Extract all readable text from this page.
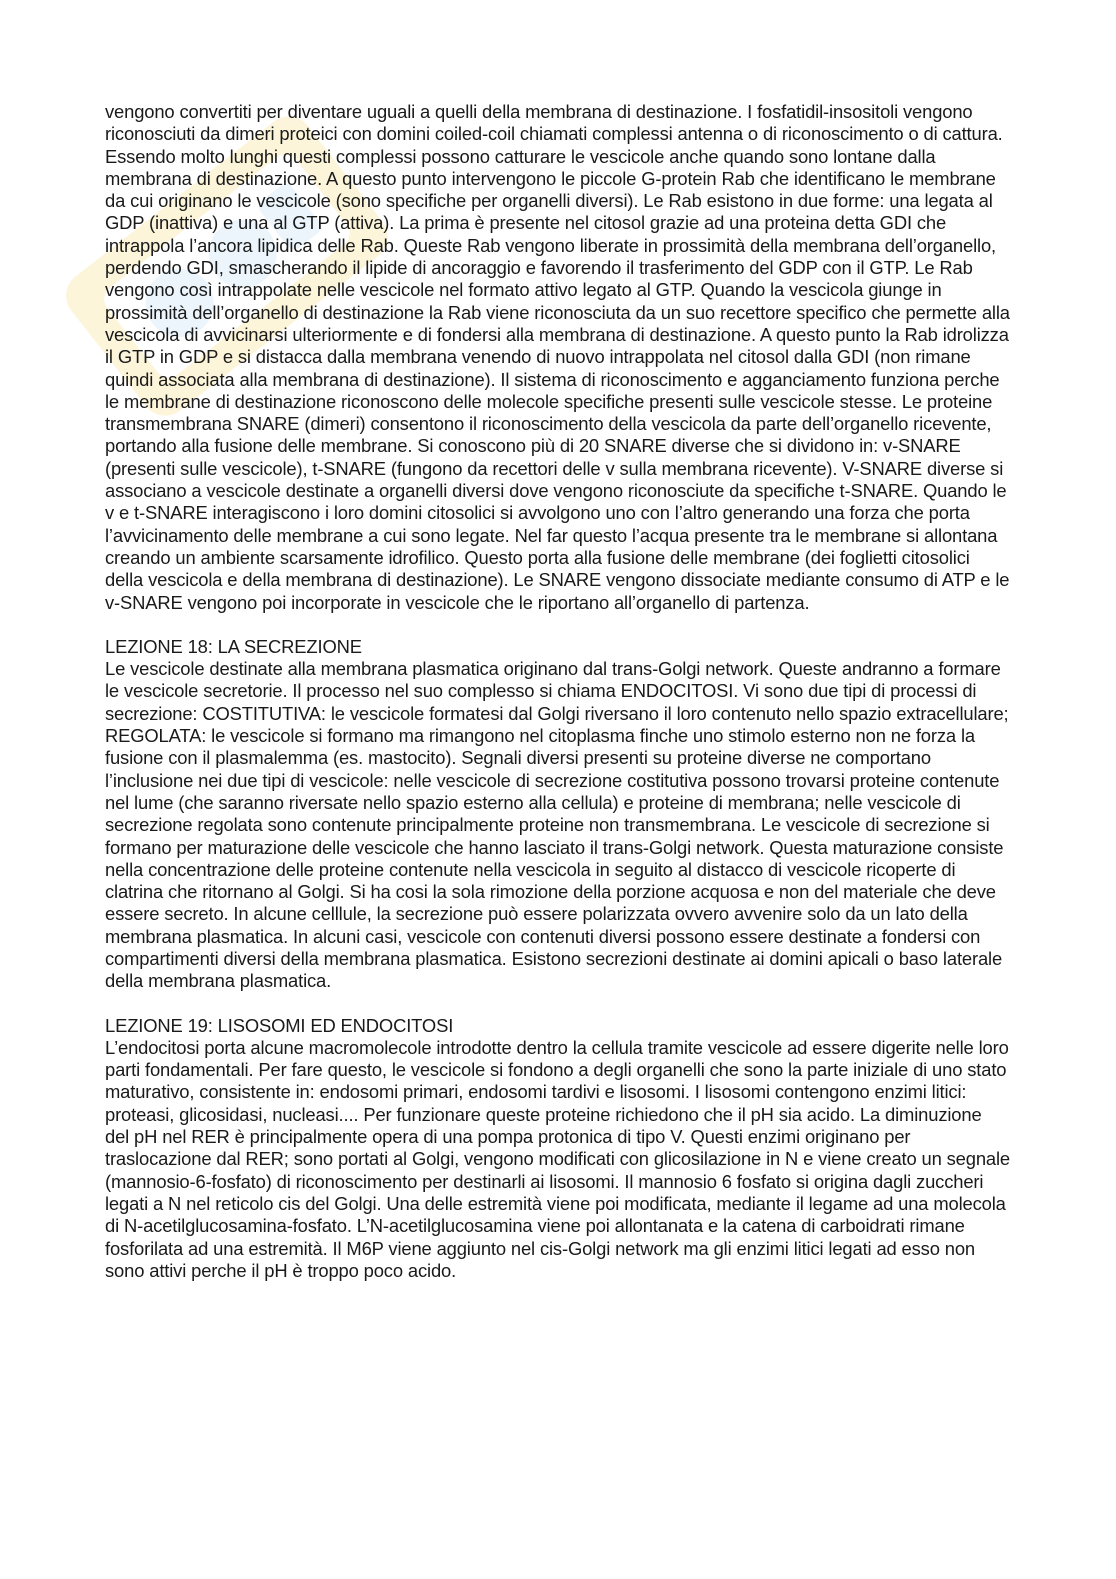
vengono convertiti per diventare uguali a quelli della membrana di destinazione. I fosfatidil-insositoli vengono riconosciuti da dimeri proteici con domini coiled-coil chiamati complessi antenna o di riconoscimento o di cattura. Essendo molto lunghi questi complessi possono catturare le vescicole anche quando sono lontane dalla membrana di destinazione. A questo punto intervengono le piccole G-protein Rab che identificano le membrane da cui originano le vescicole (sono specifiche per organelli diversi). Le Rab esistono in due forme: una legata al GDP (inattiva) e una al GTP (attiva). La prima è presente nel citosol grazie ad una proteina detta GDI che intrappola l’ancora lipidica delle Rab. Queste Rab vengono liberate in prossimità della membrana dell’organello, perdendo GDI, smascherando il lipide di ancoraggio e favorendo il trasferimento del GDP con il GTP. Le Rab vengono così intrappolate nelle vescicole nel formato attivo legato al GTP. Quando la vescicola giunge in prossimità dell’organello di destinazione la Rab viene riconosciuta da un suo recettore specifico che permette alla vescicola di avvicinarsi ulteriormente e di fondersi alla membrana di destinazione. A questo punto la Rab idrolizza il GTP in GDP e si distacca dalla membrana venendo di nuovo intrappolata nel citosol dalla GDI (non rimane quindi associata alla membrana di destinazione). Il sistema di riconoscimento e agganciamento funziona perche le membrane di destinazione riconoscono delle molecole specifiche presenti sulle vescicole stesse. Le proteine transmembrana SNARE (dimeri) consentono il riconoscimento della vescicola da parte dell’organello ricevente, portando alla fusione delle membrane. Si conoscono più di 20 SNARE diverse che si dividono in: v-SNARE (presenti sulle vescicole), t-SNARE (fungono da recettori delle v sulla membrana ricevente). V-SNARE diverse si associano a vescicole destinate a organelli diversi dove vengono riconosciute da specifiche t-SNARE. Quando le v e t-SNARE interagiscono i loro domini citosolici si avvolgono uno con l’altro generando una forza che porta l’avvicinamento delle membrane a cui sono legate. Nel far questo l’acqua presente tra le membrane si allontana creando un ambiente scarsamente idrofilico. Questo porta alla fusione delle membrane (dei foglietti citosolici della vescicola e della membrana di destinazione). Le SNARE vengono dissociate mediante consumo di ATP e le v-SNARE vengono poi incorporate in vescicole che le riportano all’organello di partenza.

LEZIONE 18: LA SECREZIONE

Le vescicole destinate alla membrana plasmatica originano dal trans-Golgi network. Queste andranno a formare le vescicole secretorie. Il processo nel suo complesso si chiama ENDOCITOSI. Vi sono due tipi di processi di secrezione: COSTITUTIVA: le vescicole formatesi dal Golgi riversano il loro contenuto nello spazio extracellulare; REGOLATA: le vescicole si formano ma rimangono nel citoplasma finche uno stimolo esterno non ne forza la fusione con il plasmalemma (es. mastocito). Segnali diversi presenti su proteine diverse ne comportano l’inclusione nei due tipi di vescicole: nelle vescicole di secrezione costitutiva possono trovarsi proteine contenute nel lume (che saranno riversate nello spazio esterno alla cellula) e proteine di membrana; nelle vescicole di secrezione regolata sono contenute principalmente proteine non transmembrana. Le vescicole di secrezione si formano per maturazione delle vescicole che hanno lasciato il trans-Golgi network. Questa maturazione consiste nella concentrazione delle proteine contenute nella vescicola in seguito al distacco di vescicole ricoperte di clatrina che ritornano al Golgi. Si ha cosi la sola rimozione della porzione acquosa e non del materiale che deve essere secreto. In alcune celllule, la secrezione può essere polarizzata ovvero avvenire solo da un lato della membrana plasmatica. In alcuni casi, vescicole con contenuti diversi possono essere destinate a fondersi con compartimenti diversi della membrana plasmatica. Esistono secrezioni destinate ai domini apicali o baso laterale della membrana plasmatica.

LEZIONE 19: LISOSOMI ED ENDOCITOSI

L’endocitosi porta alcune macromolecole introdotte dentro la cellula tramite vescicole ad essere digerite nelle loro parti fondamentali. Per fare questo, le vescicole si fondono a degli organelli che sono la parte iniziale di uno stato maturativo, consistente in: endosomi primari, endosomi tardivi e lisosomi. I lisosomi contengono enzimi litici: proteasi, glicosidasi, nucleasi.... Per funzionare queste proteine richiedono che il pH sia acido. La diminuzione del pH nel RER è principalmente opera di una pompa protonica di tipo V. Questi enzimi originano per traslocazione dal RER; sono portati al Golgi, vengono modificati con glicosilazione in N e viene creato un segnale (mannosio-6-fosfato) di riconoscimento per destinarli ai lisosomi. Il mannosio 6 fosfato si origina dagli zuccheri legati a N nel reticolo cis del Golgi. Una delle estremità viene poi modificata, mediante il legame ad una molecola di N-acetilglucosamina-fosfato. L’N-acetilglucosamina viene poi allontanata e la catena di carboidrati rimane fosforilata ad una estremità. Il M6P viene aggiunto nel cis-Golgi network ma gli enzimi litici legati ad esso non sono attivi perche il pH è troppo poco acido.
